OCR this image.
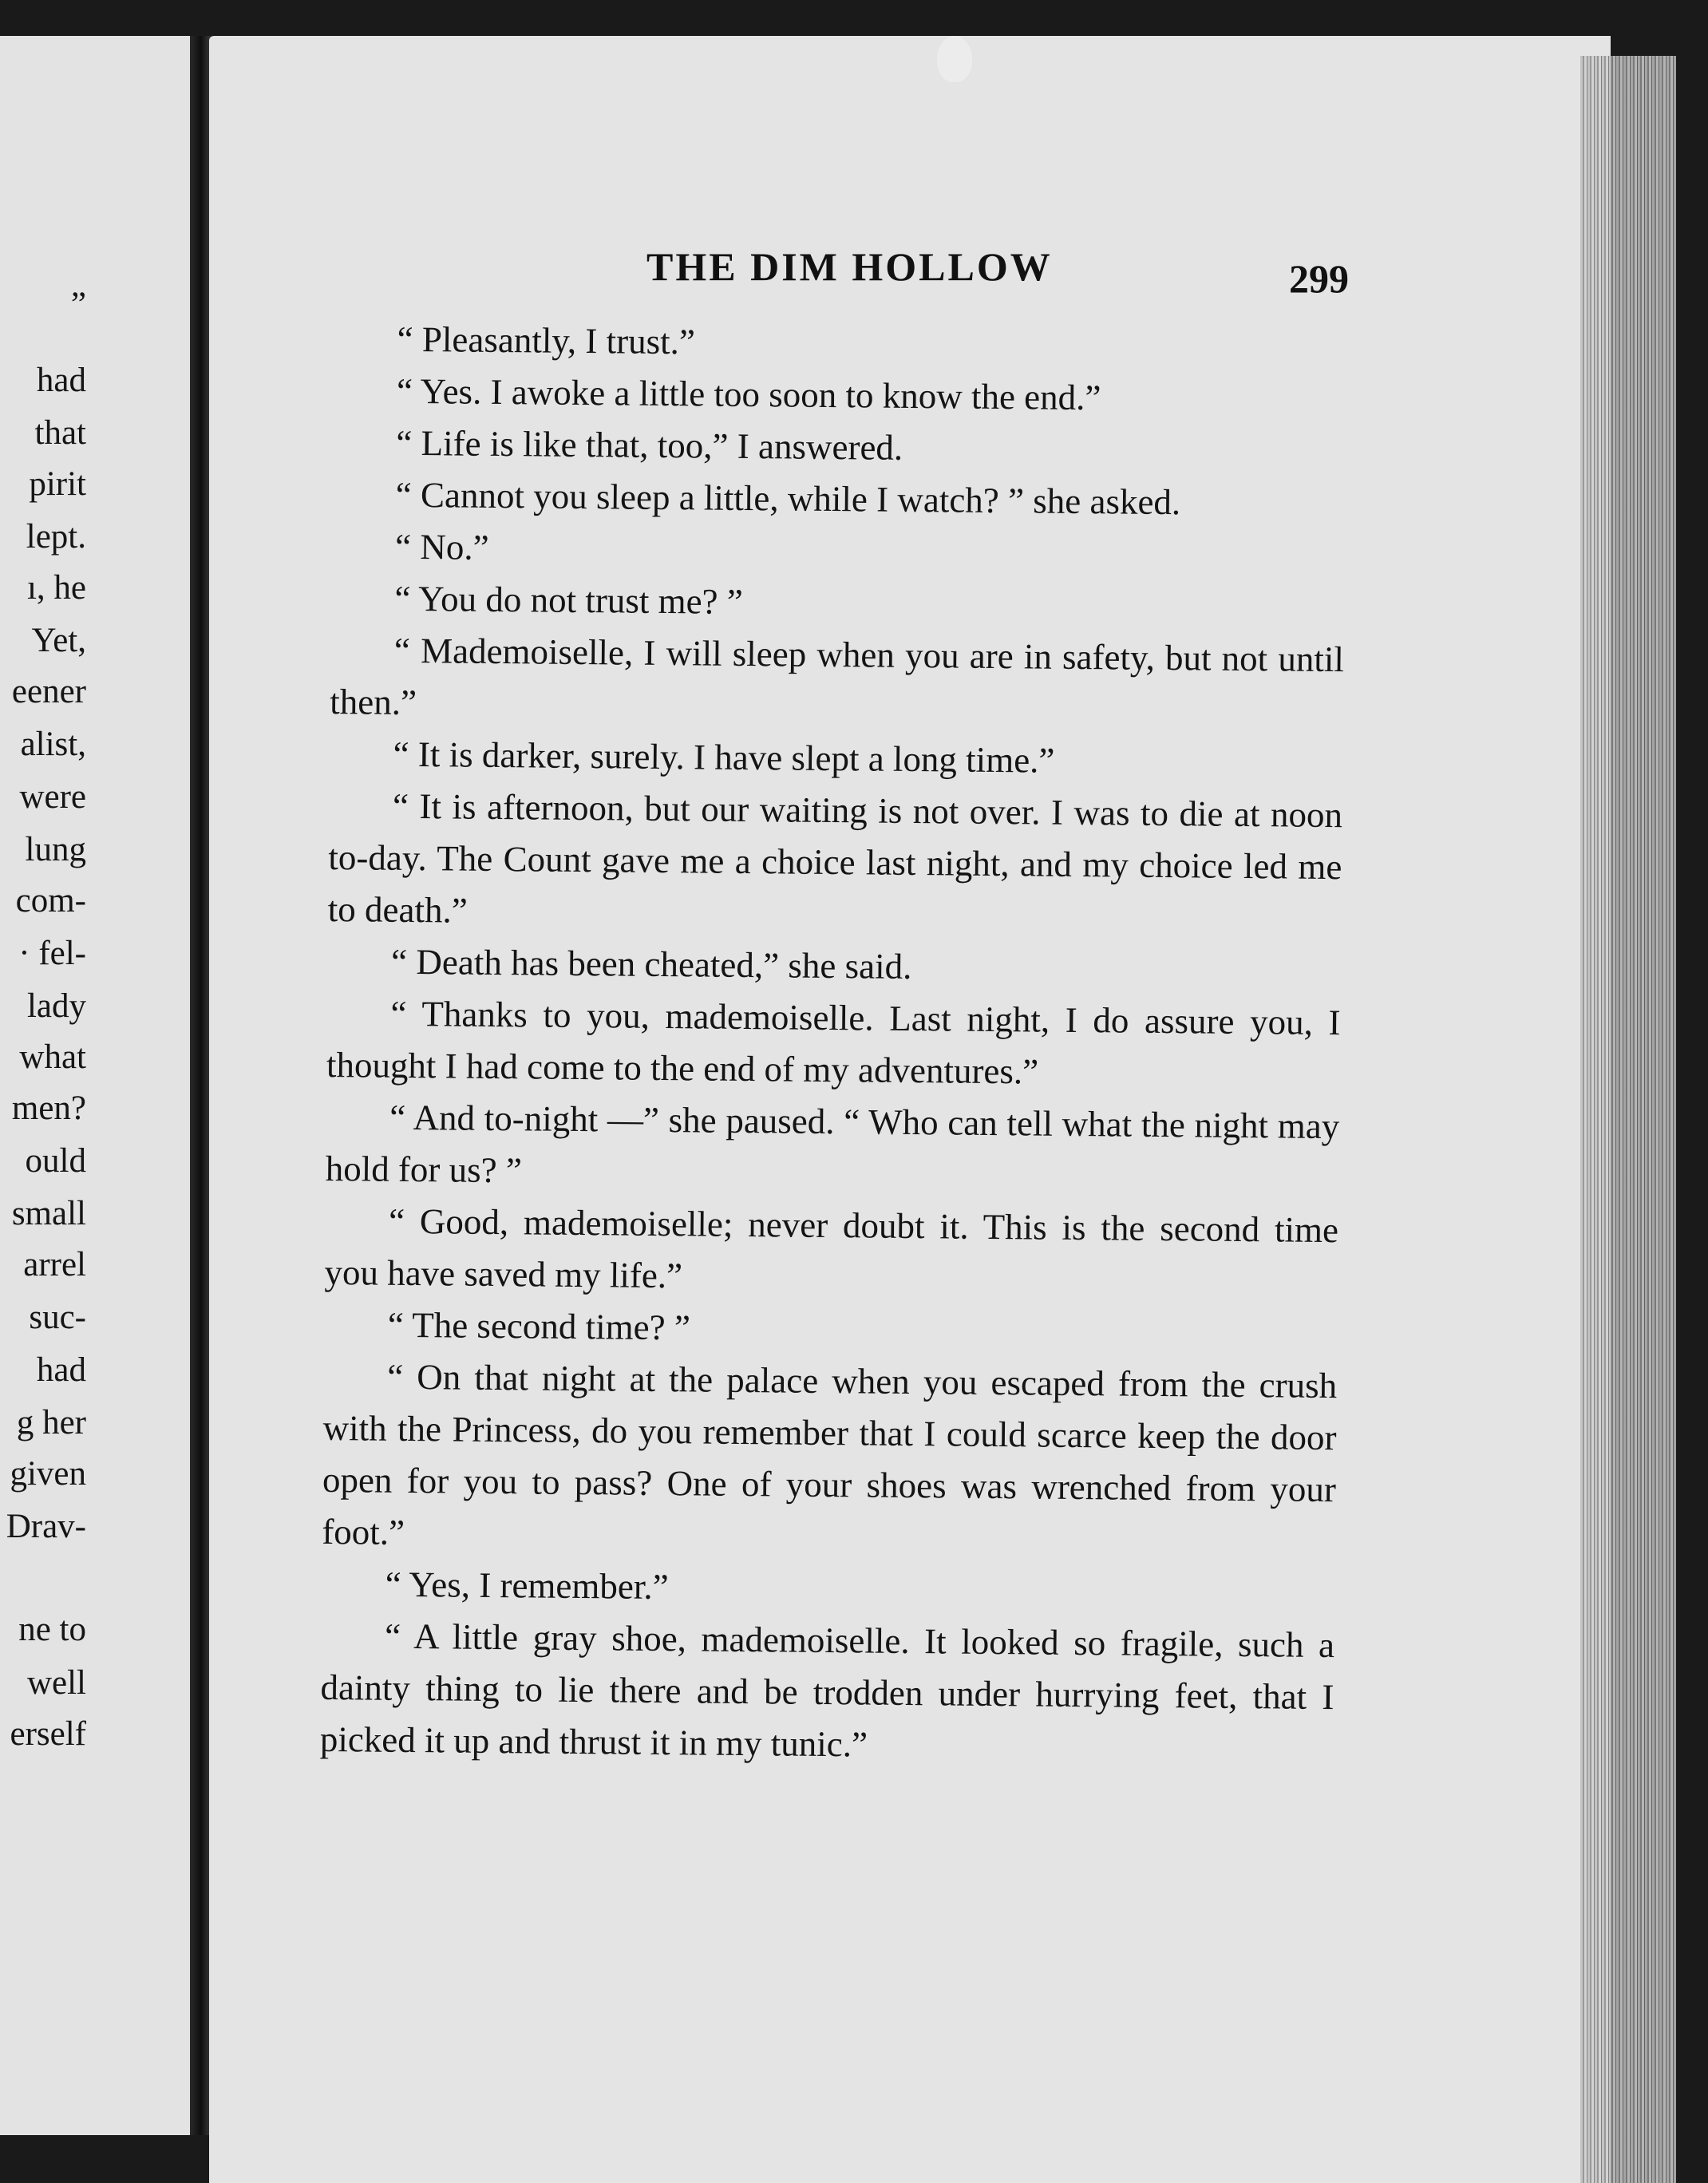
”
had
that
pirit
lept.
ı, he
Yet,
eener
alist,
were
lung
com-
· fel-
lady
what
men?
ould
small
arrel
suc-
had
g her
given
Drav-
ne to
well
erself
THE DIM HOLLOW	299

“ Pleasantly, I trust.”

“ Yes. I awoke a little too soon to know the end.”

“ Life is like that, too,” I answered.

“ Cannot you sleep a little, while I watch? ” she asked.

“ No.”

“ You do not trust me? ”

“ Mademoiselle, I will sleep when you are in safety, but not until then.”

“ It is darker, surely. I have slept a long time.”

“ It is afternoon, but our waiting is not over. I was to die at noon to-day. The Count gave me a choice last night, and my choice led me to death.”

“ Death has been cheated,” she said.

“ Thanks to you, mademoiselle. Last night, I do assure you, I thought I had come to the end of my adventures.”

“ And to-night —” she paused. “ Who can tell what the night may hold for us? ”

“ Good, mademoiselle; never doubt it. This is the second time you have saved my life.”

“ The second time? ”

“ On that night at the palace when you escaped from the crush with the Princess, do you remember that I could scarce keep the door open for you to pass? One of your shoes was wrenched from your foot.”

“ Yes, I remember.”

“ A little gray shoe, mademoiselle. It looked so fragile, such a dainty thing to lie there and be trodden under hurrying feet, that I picked it up and thrust it in my tunic.”
